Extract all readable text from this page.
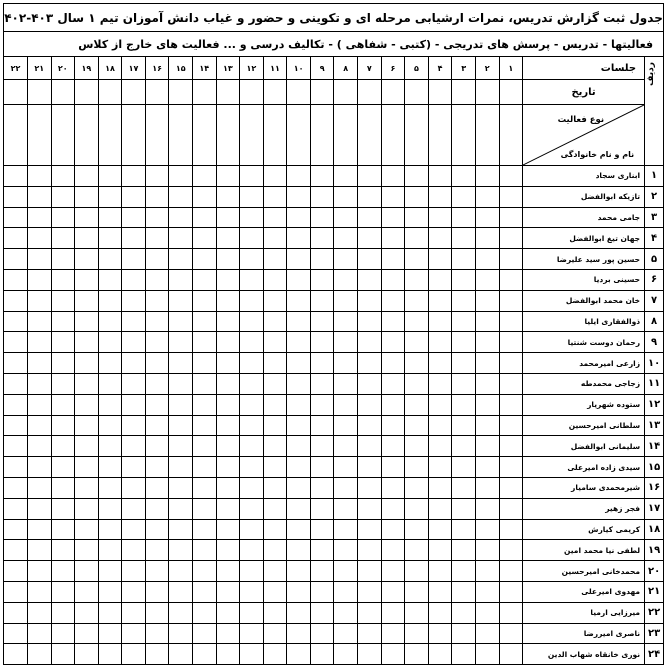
جدول ثبت گزارش تدریس، نمرات ارشیابی مرحله ای و تکوینی و حضور و غیاب دانش آموزان تیم ۱ سال ۴۰۳-۴۰۲																							
فعالیتها - تدریس - پرسش های تدریجی - (کتبی - شفاهی ) - تکالیف درسی و ... فعالیت های خارج از کلاس																							
ردیف	جلسات	۱	۲	۳	۴	۵	۶	۷	۸	۹	۱۰	۱۱	۱۲	۱۳	۱۴	۱۵	۱۶	۱۷	۱۸	۱۹	۲۰	۲۱	۲۲
	تاریخ																						

	نوع فعالیت
نام و نام خانوادگی																						

۱	ابناری سجاد																						
۲	تازیکه ابوالفضل																						
۳	جامی محمد																						
۴	جهان تیغ ابوالفضل																						
۵	حسین پور سید علیرضا																						
۶	حسینی بردیا																						
۷	خان محمد ابوالفضل																						
۸	ذوالفقاری ایلیا																						
۹	رحمان دوست شنتیا																						
۱۰	زارعی امیرمحمد																						
۱۱	زجاجی محمدطه																						
۱۲	ستوده شهریار																						
۱۳	سلطانی امیرحسین																						
۱۴	سلیمانی ابوالفضل																						
۱۵	سیدی زاده امیرعلی																						
۱۶	شیرمحمدی سامیار																						
۱۷	فجر زهیر																						
۱۸	کریمی کیارش																						
۱۹	لطفی نیا محمد امین																						
۲۰	محمدخانی امیرحسین																						
۲۱	مهدوی امیرعلی																						
۲۲	میرزایی ارمیا																						
۲۳	ناصری امیررضا																						
۲۴	نوری خانقاه شهاب الدین																						
